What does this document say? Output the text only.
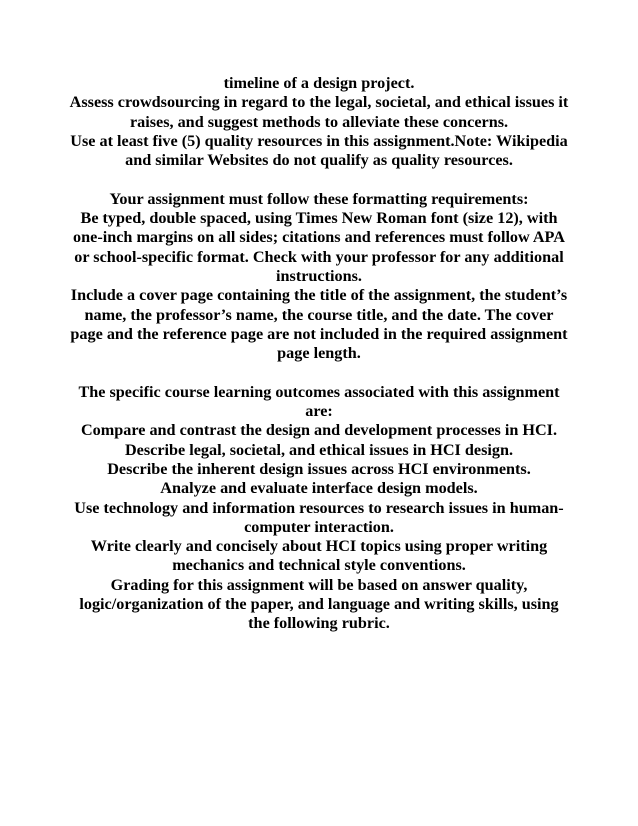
timeline of a design project.

Assess crowdsourcing in regard to the legal, societal, and ethical issues it raises, and suggest methods to alleviate these concerns.

Use at least five (5) quality resources in this assignment.Note: Wikipedia and similar Websites do not qualify as quality resources.

Your assignment must follow these formatting requirements:

Be typed, double spaced, using Times New Roman font (size 12), with one-inch margins on all sides; citations and references must follow APA or school-specific format. Check with your professor for any additional instructions.

Include a cover page containing the title of the assignment, the student’s name, the professor’s name, the course title, and the date. The cover page and the reference page are not included in the required assignment page length.

The specific course learning outcomes associated with this assignment are:

Compare and contrast the design and development processes in HCI.

Describe legal, societal, and ethical issues in HCI design.

Describe the inherent design issues across HCI environments.

Analyze and evaluate interface design models.

Use technology and information resources to research issues in human-computer interaction.

Write clearly and concisely about HCI topics using proper writing mechanics and technical style conventions.

Grading for this assignment will be based on answer quality, logic/organization of the paper, and language and writing skills, using the following rubric.
